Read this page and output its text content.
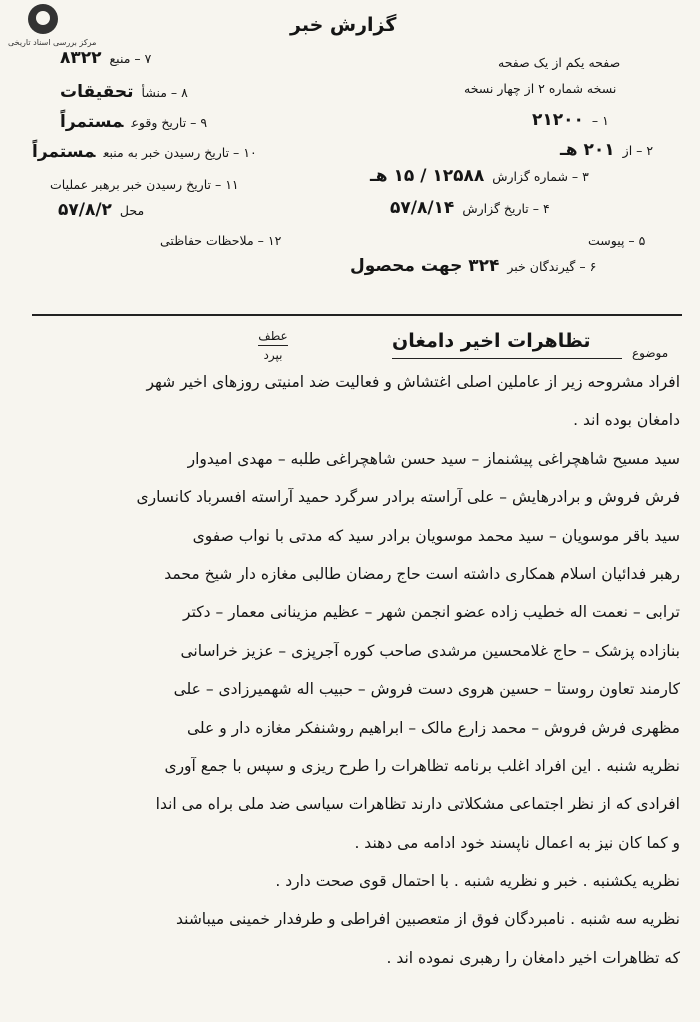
مرکز بررسی اسناد تاریخی
گزارش خبر
۷ – منبع۸۳۲۲
۸ – منشأتحقیقات
۹ – تاریخ وقوعمستمراً
۱۰ – تاریخ رسیدن خبر به منبعمستمراً
۱۱ – تاریخ رسیدن خبر برهبر عملیات
محل۵۷/۸/۲
۱۲ – ملاحظات حفاظتی
صفحه یکم از یک صفحه
نسخه شماره ۲ از چهار نسخه
۱ –۲۱۲۰۰
۲ – از۲۰۱ هـ
۳ – شماره گزارش۱۲۵۸۸ / ۱۵ هـ
۴ – تاریخ گزارش۵۷/۸/۱۴
۵ – پیوست
۶ – گیرندگان خبر۳۲۴ جهت محصول
موضوع
تظاهرات اخیر دامغان
عطف
بپرد
افراد مشروحه زیر از عاملین اصلی اغتشاش و فعالیت ضد امنیتی روزهای اخیر شهر
دامغان بوده اند .
سید مسیح شاهچراغی پیشنماز – سید حسن شاهچراغی طلبه – مهدی امیدوار
فرش فروش و برادرهایش – علی آراسته برادر سرگرد حمید آراسته افسرباد کانساری
سید باقر موسویان – سید محمد موسویان برادر سید که مدتی با نواب صفوی
رهبر فدائیان اسلام همکاری داشته است حاج رمضان طالبی مغازه دار شیخ محمد
ترابی – نعمت اله خطیب زاده عضو انجمن شهر – عظیم مزینانی معمار – دکتر
بنازاده پزشک – حاج غلامحسین مرشدی صاحب کوره آجرپزی – عزیز خراسانی
کارمند تعاون روستا – حسین هروی دست فروش – حبیب اله شهمیرزادی – علی
مظهری فرش فروش – محمد زارع مالک – ابراهیم روشنفکر مغازه دار و علی
نظریه شنبه . این افراد اغلب برنامه تظاهرات را طرح ریزی و سپس با جمع آوری
افرادی که از نظر اجتماعی مشکلاتی دارند تظاهرات سیاسی ضد ملی براه می اندا
و کما کان نیز به اعمال ناپسند خود ادامه می دهند .
نظریه یکشنبه . خبر و نظریه شنبه . با احتمال قوی صحت دارد .
نظریه سه شنبه . نامبردگان فوق از متعصبین افراطی و طرفدار خمینی میباشند
که تظاهرات اخیر دامغان را رهبری نموده اند .
